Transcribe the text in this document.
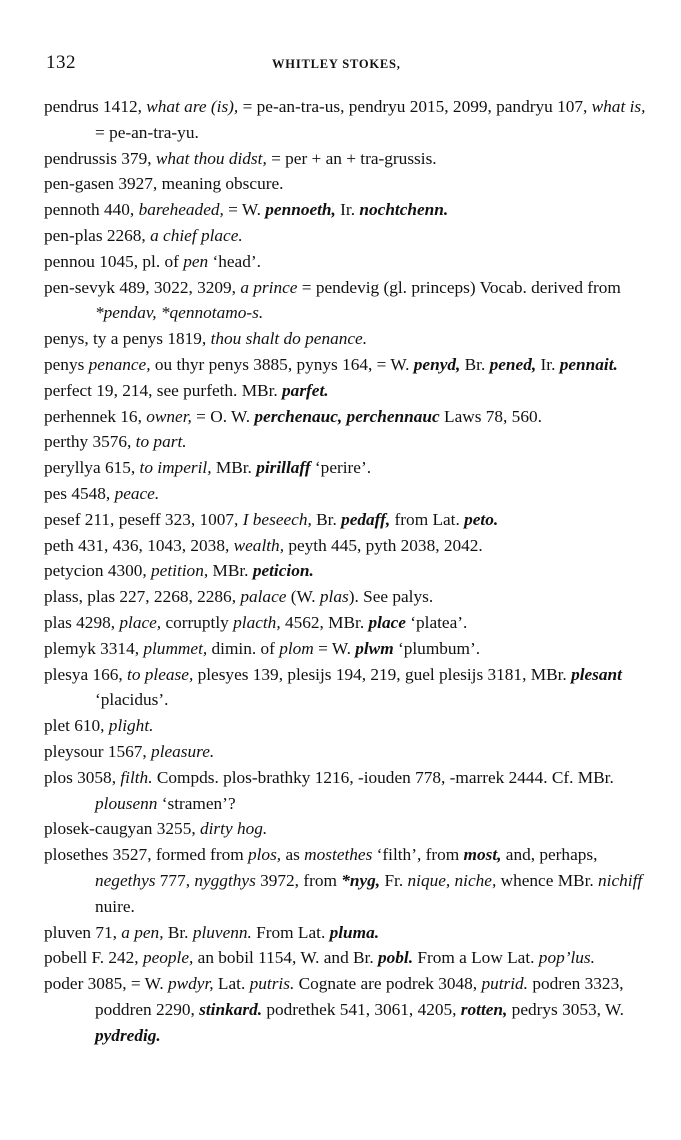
132	WHITLEY STOKES,

pendrus 1412, what are (is), = pe-an-tra-us, pendryu 2015, 2099, pandryu 107, what is, = pe-an-tra-yu.

pendrussis 379, what thou didst, = per + an + tra-grussis.

pen-gasen 3927, meaning obscure.

pennoth 440, bareheaded, = W. pennoeth, Ir. nochtchenn.

pen-plas 2268, a chief place.

pennou 1045, pl. of pen ‘head’.

pen-sevyk 489, 3022, 3209, a prince = pendevig (gl. princeps) Vocab. derived from *pendav, *qennotamo-s.

penys, ty a penys 1819, thou shalt do penance.

penys penance, ou thyr penys 3885, pynys 164, = W. penyd, Br. pened, Ir. pennait.

perfect 19, 214, see purfeth. MBr. parfet.

perhennek 16, owner, = O. W. perchenauc, perchennauc Laws 78, 560.

perthy 3576, to part.

peryllya 615, to imperil, MBr. pirillaff ‘perire’.

pes 4548, peace.

pesef 211, peseff 323, 1007, I beseech, Br. pedaff, from Lat. peto.

peth 431, 436, 1043, 2038, wealth, peyth 445, pyth 2038, 2042.

petycion 4300, petition, MBr. peticion.

plass, plas 227, 2268, 2286, palace (W. plas). See palys.

plas 4298, place, corruptly placth, 4562, MBr. place ‘platea’.

plemyk 3314, plummet, dimin. of plom = W. plwm ‘plumbum’.

plesya 166, to please, plesyes 139, plesijs 194, 219, guel plesijs 3181, MBr. plesant ‘placidus’.

plet 610, plight.

pleysour 1567, pleasure.

plos 3058, filth. Compds. plos-brathky 1216, -iouden 778, -marrek 2444. Cf. MBr. plousenn ‘stramen’?

plosek-caugyan 3255, dirty hog.

plosethes 3527, formed from plos, as mostethes ‘filth’, from most, and, perhaps, negethys 777, nyggthys 3972, from *nyg, Fr. nique, niche, whence MBr. nichiff nuire.

pluven 71, a pen, Br. pluvenn. From Lat. pluma.

pobell F. 242, people, an bobil 1154, W. and Br. pobl. From a Low Lat. pop’lus.

poder 3085, = W. pwdyr, Lat. putris. Cognate are podrek 3048, putrid. podren 3323, poddren 2290, stinkard. podrethek 541, 3061, 4205, rotten, pedrys 3053, W. pydredig.
